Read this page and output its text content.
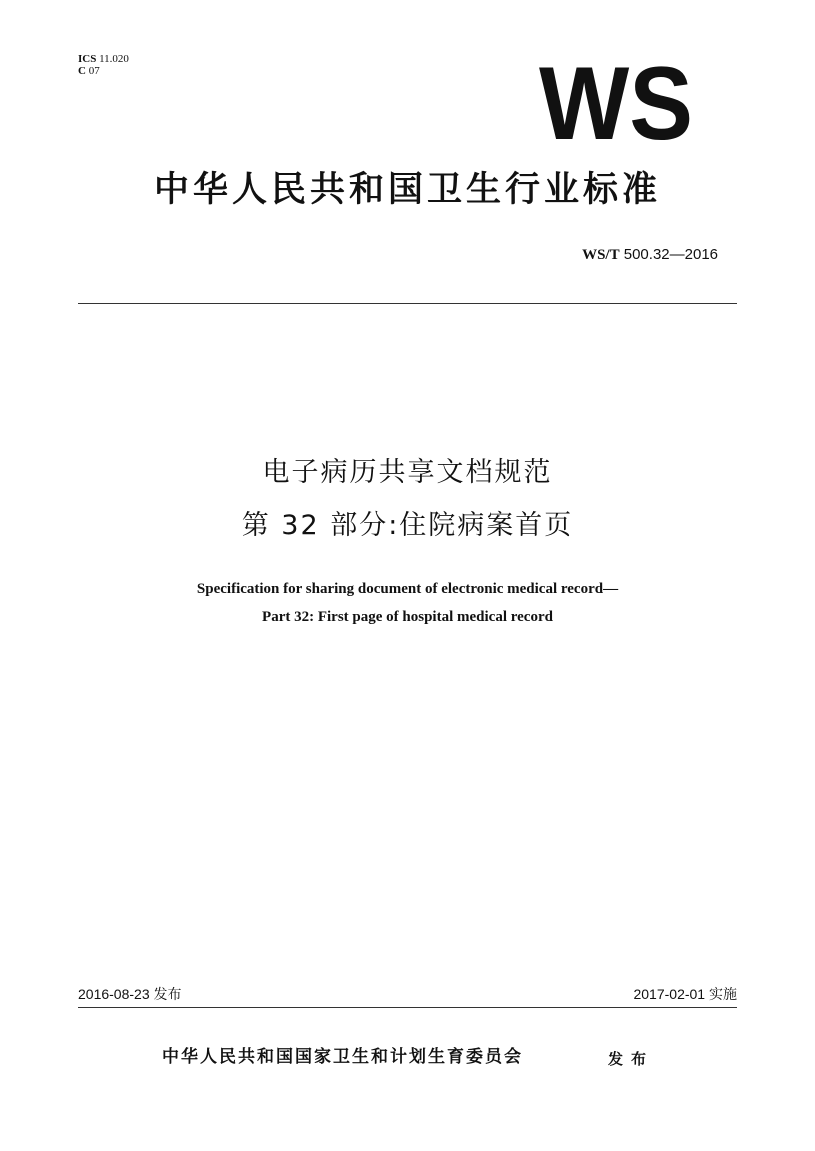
ICS 11.020
C 07	WS
中华人民共和国卫生行业标准
WS/T 500.32—2016
电子病历共享文档规范
第 32 部分:住院病案首页
Specification for sharing document of electronic medical record—
Part 32: First page of hospital medical record
2016-08-23 发布	2017-02-01 实施
中华人民共和国国家卫生和计划生育委员会	发布
